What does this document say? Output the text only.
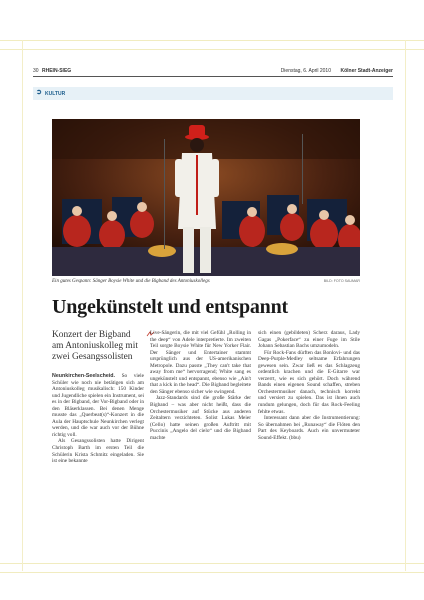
30 RHEIN-SIEG	Dienstag, 6. April 2010 Kölner Stadt-Anzeiger
➲ KULTUR
Ein gutes Gespann: Sänger Boysie White und die Bigband des Antoniuskollegs	BILD: FOTO SAUMAR
Ungekünstelt und entspannt
Konzert der Bigband am Antoniuskolleg mit zwei Gesangssolisten

Neunkirchen-Seelscheid. So viele Schüler wie noch nie betätigen sich am Antoniuskolleg musikalisch: 150 Kinder und Jugendliche spielen ein Instrument, sei es in der Bigband, der Vor-Bigband oder in den Bläserklassen. Bei denen Menge musste das „Querbeat(s)“-Konzert in die Aula der Hauptschule Neunkirchen verlegt werden, und die war auch vor der Bühne richtig voll.

Als Gesangssolisten hatte Dirigent Christoph Barth im ersten Teil die Schülerin Krista Schmitz eingeladen. Sie ist eine bekannte

Live-Sängerin, die mit viel Gefühl „Rolling in the deep“ von Adele interpretierte. Im zweiten Teil sorgte Boysie White für New Yorker Flair. Der Sänger und Entertainer stammt ursprünglich aus der US-amerikanischen Metropole. Dazu passte „They can't take that away from me“ hervorragend; White sang es ungekünstelt und entspannt, ebenso wie „Ain't that a kick in the head“. Die Bigband begleitete den Sänger ebenso sicher wie swingend.

Jazz-Standards sind die große Stärke der Bigband – was aber nicht heißt, dass die Orchestermusiker auf Stücke aus anderen Zeitaltern verzichteten. Solist Lukas Meier (Cello) hatte seinen großen Auftritt mit Puccinis „Angelo del cielo“ und die Bigband machte

sich einen (gebildeten) Scherz daraus, Lady Gagas „Pokerface“ zu einer Fuge im Stile Johann Sebastian Bachs umzumodeln.

Für Rock-Fans dürften das Bonlovi- und das Deep-Purple-Medley seltsame Erfahrungen gewesen sein. Zwar ließ es das Schlagzeug ordentlich krachen und die E-Gitarre war verzerrt, wie es sich gehört. Doch während Bands einen eigenen Sound schaffen, streben Orchestermusiker danach, technisch korrekt und versiert zu spielen. Das ist ihnen auch rundum gelungen, doch für das Rock-Feeling fehlte etwas.

Interessant dann aber die Instrumentierung: So übernahmen bei „Runaway“ die Flöten den Part des Keyboards. Auch ein unvermuteter Sound-Effekt. (bbu)
